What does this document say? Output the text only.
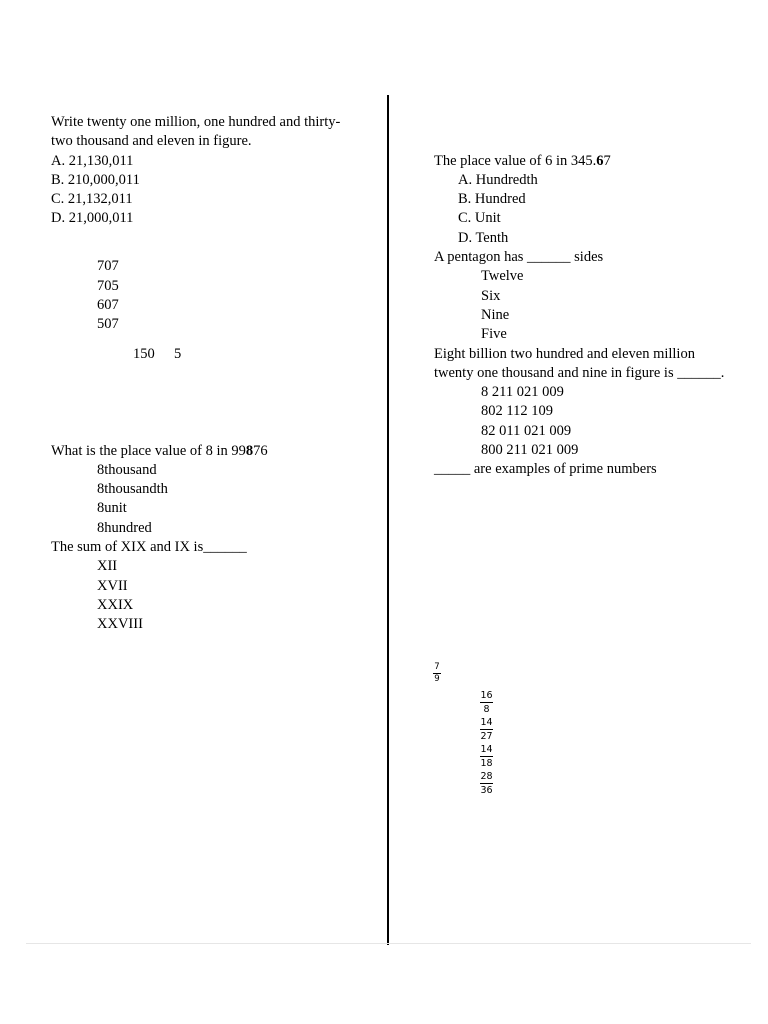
Write twenty one million, one hundred and thirty-
two thousand and eleven in figure.
A. 21,130,011
B. 210,000,011
C. 21,132,011
D. 21,000,011
707
705
607
507
150 5
What is the place value of 8 in 99876
8thousand
8thousandth
8unit
8hundred
The sum of XIX and IX is______
XII
XVII
XXIX
XXVIII
The place value of 6 in 345.67
A. Hundredth
B. Hundred
C. Unit
D. Tenth
A pentagon has ______ sides
Twelve
Six
Nine
Five
Eight billion two hundred and eleven million
twenty one thousand and nine in figure is ______.
8 211 021 009
802 112 109
82 011 021 009
800 211 021 009
_____ are examples of prime numbers
7
9
16
8
14
27
14
18
28
36
